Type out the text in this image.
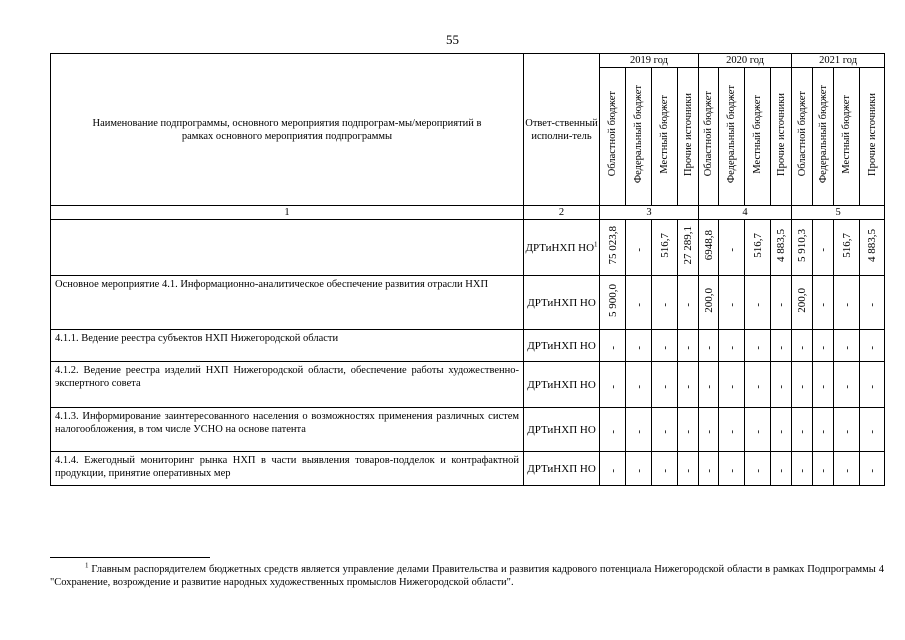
55
Наименование подпрограммы, основного мероприятия подпрограм-мы/мероприятий в рамках основного мероприятия подпрограммы	Ответ-ственный исполни-тель	2019 год				2020 год				2021 год			
		Областной бюджет	Федеральный бюджет	Местный бюджет	Прочие источники	Областной бюджет	Федеральный бюджет	Местный бюджет	Прочие источники	Областной бюджет	Федеральный бюджет	Местный бюджет	Прочие источники
1	2	3				4				5			
	ДРТиНХП $НО^1$	75 023,8	-	516,7	27 289,1	6948,8	-	516,7	4 883,5	5 910,3	-	516,7	4 883,5
Основное мероприятие 4.1. Информационно-аналитическое обеспечение развития отрасли НХП	ДРТиНХП НО	5 900,0	-	-	-	200,0	-	-	-	200,0	-	-	-
4.1.1. Ведение реестра субъектов НХП Нижегородской области	ДРТиНХП НО	-	-	-	-	-	-	-	-	-	-	-	-
4.1.2. Ведение реестра изделий НХП Нижегородской области, обеспечение работы художественно-экспертного совета	ДРТиНХП НО	-	-	-	-	-	-	-	-	-	-	-	-
4.1.3. Информирование заинтересованного населения о возможностях применения различных систем налогообложения, в том числе УСНО на основе патента	ДРТиНХП НО	-	-	-	-	-	-	-	-	-	-	-	-
4.1.4. Ежегодный мониторинг рынка НХП в части выявления товаров-подделок и контрафактной продукции, принятие оперативных мер	ДРТиНХП НО	-	-	-	-	-	-	-	-	-	-	-	-
$^1$ Главным распорядителем бюджетных средств является управление делами Правительства и развития кадрового потенциала Нижегородской области в рамках Подпрограммы 4 "Сохранение, возрождение и развитие народных художественных промыслов Нижегородской области".
